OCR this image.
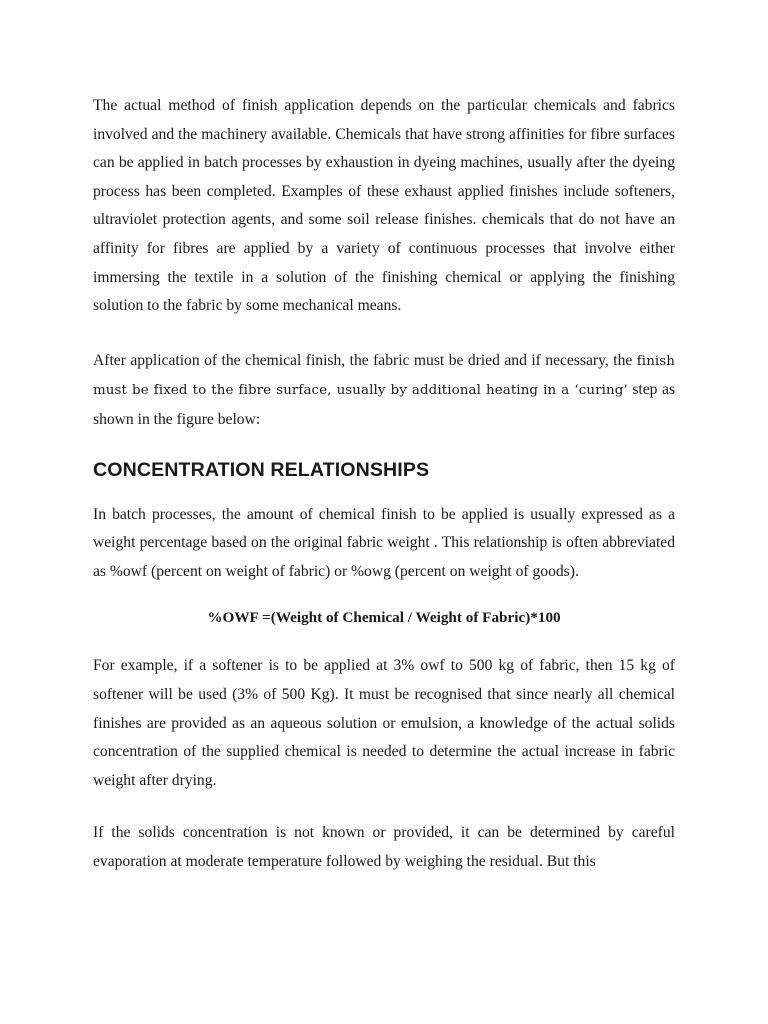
The actual method of finish application depends on the particular chemicals and fabrics involved and the machinery available. Chemicals that have strong affinities for fibre surfaces can be applied in batch processes by exhaustion in dyeing machines, usually after the dyeing process has been completed. Examples of these exhaust applied finishes include softeners, ultraviolet protection agents, and some soil release finishes. chemicals that do not have an affinity for fibres are applied by a variety of continuous processes that involve either immersing the textile in a solution of the finishing chemical or applying the finishing solution to the fabric by some mechanical means.

After application of the chemical finish, the fabric must be dried and if necessary, the finish must be fixed to the fibre surface, usually by additional heating in a ‘curing’ step as shown in the figure below:

CONCENTRATION RELATIONSHIPS

In batch processes, the amount of chemical finish to be applied is usually expressed as a weight percentage based on the original fabric weight . This relationship is often abbreviated as %owf (percent on weight of fabric) or %owg (percent on weight of goods).

%OWF =(Weight of Chemical / Weight of Fabric)*100

For example, if a softener is to be applied at 3% owf to 500 kg of fabric, then 15 kg of softener will be used (3% of 500 Kg). It must be recognised that since nearly all chemical finishes are provided as an aqueous solution or emulsion, a knowledge of the actual solids concentration of the supplied chemical is needed to determine the actual increase in fabric weight after drying.

If the solids concentration is not known or provided, it can be determined by careful evaporation at moderate temperature followed by weighing the residual. But this
